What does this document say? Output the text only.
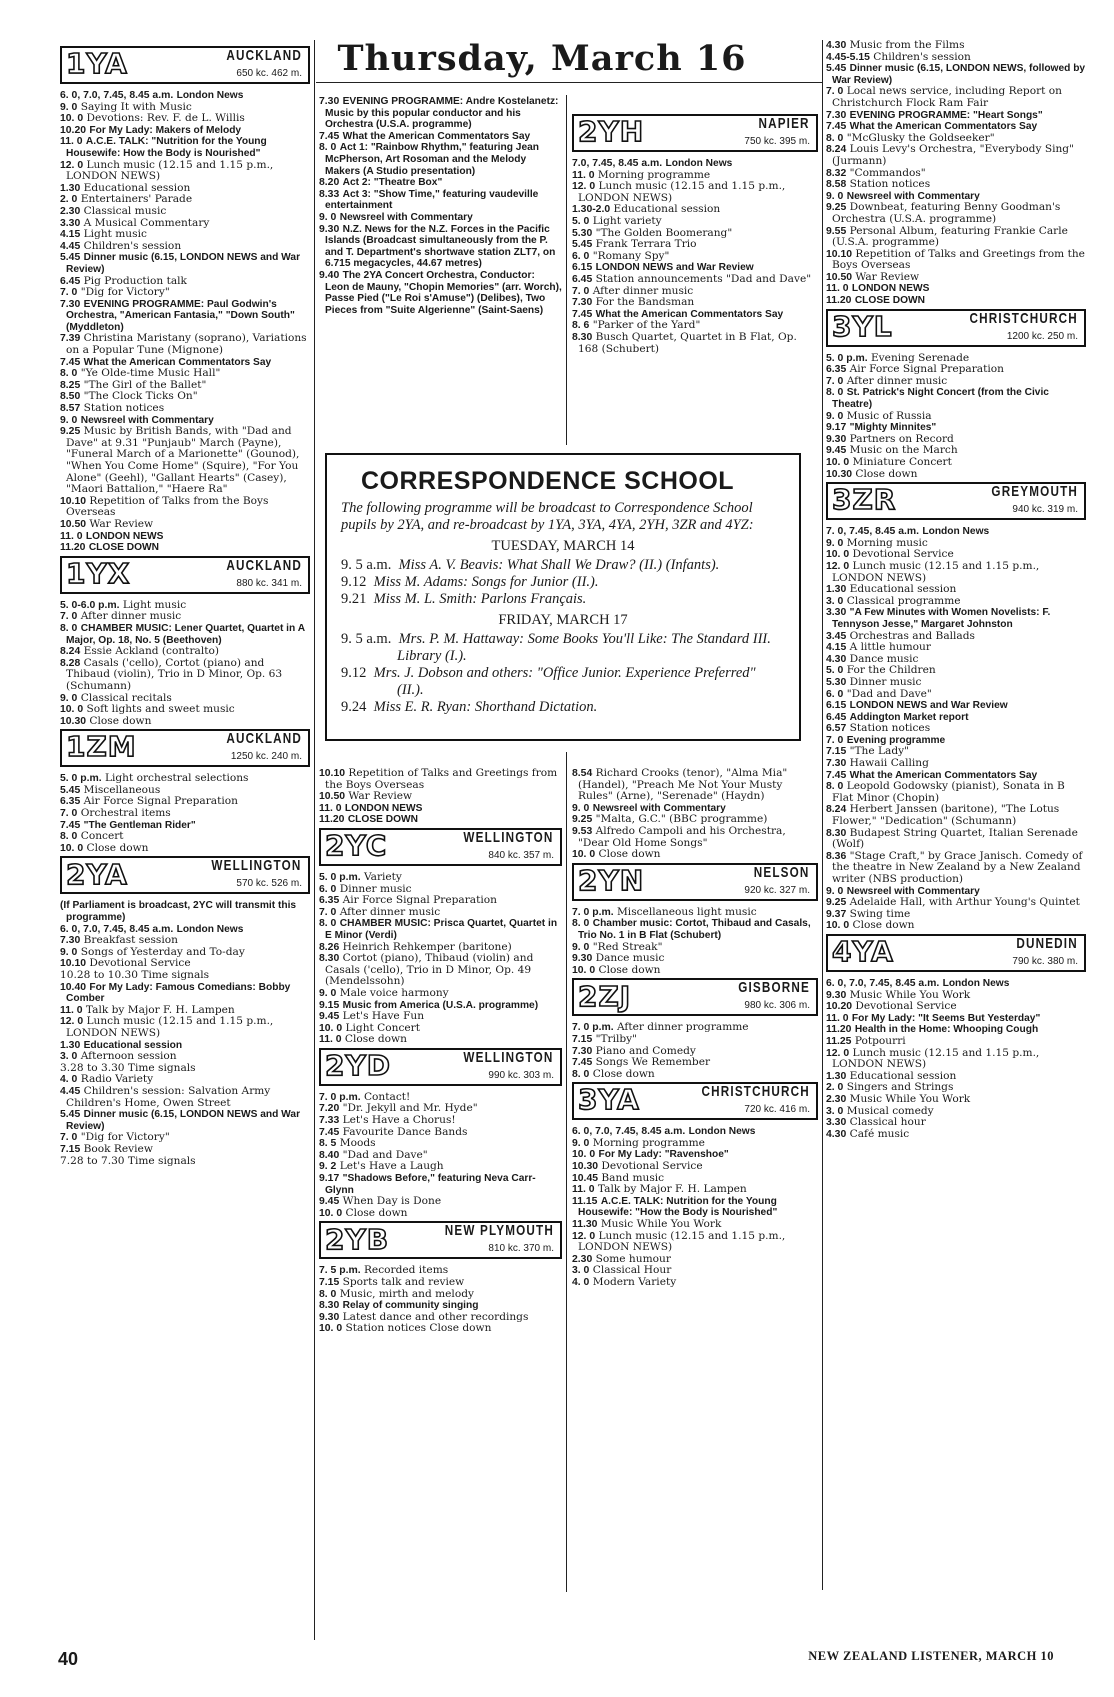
Thursday, March 16
1YA	AUCKLAND
650 kc. 462 m.
6. 0, 7.0, 7.45, 8.45 a.m. London News
9. 0 Saying It with Music
10. 0 Devotions: Rev. F. de L. Willis
10.20 For My Lady: Makers of Melody
11. 0 A.C.E. TALK: "Nutrition for the Young Housewife: How the Body is Nourished"
12. 0 Lunch music (12.15 and 1.15 p.m., LONDON NEWS)
1.30 Educational session
2. 0 Entertainers' Parade
2.30 Classical music
3.30 A Musical Commentary
4.15 Light music
4.45 Children's session
5.45 Dinner music (6.15, LONDON NEWS and War Review)
6.45 Pig Production talk
7. 0 "Dig for Victory"
7.30 EVENING PROGRAMME: Paul Godwin's Orchestra, "American Fantasia," "Down South" (Myddleton)
7.39 Christina Maristany (soprano), Variations on a Popular Tune (Mignone)
7.45 What the American Commentators Say
8. 0 "Ye Olde-time Music Hall"
8.25 "The Girl of the Ballet"
8.50 "The Clock Ticks On"
8.57 Station notices
9. 0 Newsreel with Commentary
9.25 Music by British Bands, with "Dad and Dave" at 9.31 "Punjaub" March (Payne), "Funeral March of a Marionette" (Gounod), "When You Come Home" (Squire), "For You Alone" (Geehl), "Gallant Hearts" (Casey), "Maori Battalion," "Haere Ra"
10.10 Repetition of Talks from the Boys Overseas
10.50 War Review
11. 0 LONDON NEWS
11.20 CLOSE DOWN
1YX	AUCKLAND
880 kc. 341 m.
5. 0-6.0 p.m. Light music
7. 0 After dinner music
8. 0 CHAMBER MUSIC: Lener Quartet, Quartet in A Major, Op. 18, No. 5 (Beethoven)
8.24 Essie Ackland (contralto)
8.28 Casals ('cello), Cortot (piano) and Thibaud (violin), Trio in D Minor, Op. 63 (Schumann)
9. 0 Classical recitals
10. 0 Soft lights and sweet music
10.30 Close down
1ZM	AUCKLAND
1250 kc. 240 m.
5. 0 p.m. Light orchestral selections
5.45 Miscellaneous
6.35 Air Force Signal Preparation
7. 0 Orchestral items
7.45 "The Gentleman Rider"
8. 0 Concert
10. 0 Close down
2YA	WELLINGTON
570 kc. 526 m.
(If Parliament is broadcast, 2YC will transmit this programme)
6. 0, 7.0, 7.45, 8.45 a.m. London News
7.30 Breakfast session
9. 0 Songs of Yesterday and To-day
10.10 Devotional Service
10.28 to 10.30 Time signals
10.40 For My Lady: Famous Comedians: Bobby Comber
11. 0 Talk by Major F. H. Lampen
12. 0 Lunch music (12.15 and 1.15 p.m., LONDON NEWS)
1.30 Educational session
3. 0 Afternoon session
3.28 to 3.30 Time signals
4. 0 Radio Variety
4.45 Children's session: Salvation Army Children's Home, Owen Street
5.45 Dinner music (6.15, LONDON NEWS and War Review)
7. 0 "Dig for Victory"
7.15 Book Review
7.28 to 7.30 Time signals
7.30 EVENING PROGRAMME: Andre Kostelanetz: Music by this popular conductor and his Orchestra (U.S.A. programme)
7.45 What the American Commentators Say
8. 0 Act 1: "Rainbow Rhythm," featuring Jean McPherson, Art Rosoman and the Melody Makers (A Studio presentation)
8.20 Act 2: "Theatre Box"
8.33 Act 3: "Show Time," featuring vaudeville entertainment
9. 0 Newsreel with Commentary
9.30 N.Z. News for the N.Z. Forces in the Pacific Islands (Broadcast simultaneously from the P. and T. Department's shortwave station ZLT7, on 6.715 megacycles, 44.67 metres)
9.40 The 2YA Concert Orchestra, Conductor: Leon de Mauny, "Chopin Memories" (arr. Worch), Passe Pied ("Le Roi s'Amuse") (Delibes), Two Pieces from "Suite Algerienne" (Saint-Saens)
2YH	NAPIER
750 kc. 395 m.
7.0, 7.45, 8.45 a.m. London News
11. 0 Morning programme
12. 0 Lunch music (12.15 and 1.15 p.m., LONDON NEWS)
1.30-2.0 Educational session
5. 0 Light variety
5.30 "The Golden Boomerang"
5.45 Frank Terrara Trio
6. 0 "Romany Spy"
6.15 LONDON NEWS and War Review
6.45 Station announcements "Dad and Dave"
7. 0 After dinner music
7.30 For the Bandsman
7.45 What the American Commentators Say
8. 6 "Parker of the Yard"
8.30 Busch Quartet, Quartet in B Flat, Op. 168 (Schubert)
4.30 Music from the Films
4.45-5.15 Children's session
5.45 Dinner music (6.15, LONDON NEWS, followed by War Review)
7. 0 Local news service, including Report on Christchurch Flock Ram Fair
7.30 EVENING PROGRAMME: "Heart Songs"
7.45 What the American Commentators Say
8. 0 "McGlusky the Goldseeker"
8.24 Louis Levy's Orchestra, "Everybody Sing" (Jurmann)
8.32 "Commandos"
8.58 Station notices
9. 0 Newsreel with Commentary
9.25 Downbeat, featuring Benny Goodman's Orchestra (U.S.A. programme)
9.55 Personal Album, featuring Frankie Carle (U.S.A. programme)
10.10 Repetition of Talks and Greetings from the Boys Overseas
10.50 War Review
11. 0 LONDON NEWS
11.20 CLOSE DOWN
3YL	CHRISTCHURCH
1200 kc. 250 m.
5. 0 p.m. Evening Serenade
6.35 Air Force Signal Preparation
7. 0 After dinner music
8. 0 St. Patrick's Night Concert (from the Civic Theatre)
9. 0 Music of Russia
9.17 "Mighty Minnites"
9.30 Partners on Record
9.45 Music on the March
10. 0 Miniature Concert
10.30 Close down
3ZR	GREYMOUTH
940 kc. 319 m.
7. 0, 7.45, 8.45 a.m. London News
9. 0 Morning music
10. 0 Devotional Service
12. 0 Lunch music (12.15 and 1.15 p.m., LONDON NEWS)
1.30 Educational session
3. 0 Classical programme
3.30 "A Few Minutes with Women Novelists: F. Tennyson Jesse," Margaret Johnston
3.45 Orchestras and Ballads
4.15 A little humour
4.30 Dance music
5. 0 For the Children
5.30 Dinner music
6. 0 "Dad and Dave"
6.15 LONDON NEWS and War Review
6.45 Addington Market report
6.57 Station notices
7. 0 Evening programme
7.15 "The Lady"
7.30 Hawaii Calling
7.45 What the American Commentators Say
8. 0 Leopold Godowsky (pianist), Sonata in B Flat Minor (Chopin)
8.24 Herbert Janssen (baritone), "The Lotus Flower," "Dedication" (Schumann)
8.30 Budapest String Quartet, Italian Serenade (Wolf)
8.36 "Stage Craft," by Grace Janisch. Comedy of the theatre in New Zealand by a New Zealand writer (NBS production)
9. 0 Newsreel with Commentary
9.25 Adelaide Hall, with Arthur Young's Quintet
9.37 Swing time
10. 0 Close down
4YA	DUNEDIN
790 kc. 380 m.
6. 0, 7.0, 7.45, 8.45 a.m. London News
9.30 Music While You Work
10.20 Devotional Service
11. 0 For My Lady: "It Seems But Yesterday"
11.20 Health in the Home: Whooping Cough
11.25 Potpourri
12. 0 Lunch music (12.15 and 1.15 p.m., LONDON NEWS)
1.30 Educational session
2. 0 Singers and Strings
2.30 Music While You Work
3. 0 Musical comedy
3.30 Classical hour
4.30 Café music
10.10 Repetition of Talks and Greetings from the Boys Overseas
10.50 War Review
11. 0 LONDON NEWS
11.20 CLOSE DOWN
2YC	WELLINGTON
840 kc. 357 m.
5. 0 p.m. Variety
6. 0 Dinner music
6.35 Air Force Signal Preparation
7. 0 After dinner music
8. 0 CHAMBER MUSIC: Prisca Quartet, Quartet in E Minor (Verdi)
8.26 Heinrich Rehkemper (baritone)
8.30 Cortot (piano), Thibaud (violin) and Casals ('cello), Trio in D Minor, Op. 49 (Mendelssohn)
9. 0 Male voice harmony
9.15 Music from America (U.S.A. programme)
9.45 Let's Have Fun
10. 0 Light Concert
11. 0 Close down
2YD	WELLINGTON
990 kc. 303 m.
7. 0 p.m. Contact!
7.20 "Dr. Jekyll and Mr. Hyde"
7.33 Let's Have a Chorus!
7.45 Favourite Dance Bands
8. 5 Moods
8.40 "Dad and Dave"
9. 2 Let's Have a Laugh
9.17 "Shadows Before," featuring Neva Carr-Glynn
9.45 When Day is Done
10. 0 Close down
2YB	NEW PLYMOUTH
810 kc. 370 m.
7. 5 p.m. Recorded items
7.15 Sports talk and review
8. 0 Music, mirth and melody
8.30 Relay of community singing
9.30 Latest dance and other recordings
10. 0 Station notices Close down
8.54 Richard Crooks (tenor), "Alma Mia" (Handel), "Preach Me Not Your Musty Rules" (Arne), "Serenade" (Haydn)
9. 0 Newsreel with Commentary
9.25 "Malta, G.C." (BBC programme)
9.53 Alfredo Campoli and his Orchestra, "Dear Old Home Songs"
10. 0 Close down
2YN	NELSON
920 kc. 327 m.
7. 0 p.m. Miscellaneous light music
8. 0 Chamber music: Cortot, Thibaud and Casals, Trio No. 1 in B Flat (Schubert)
9. 0 "Red Streak"
9.30 Dance music
10. 0 Close down
2ZJ	GISBORNE
980 kc. 306 m.
7. 0 p.m. After dinner programme
7.15 "Trilby"
7.30 Piano and Comedy
7.45 Songs We Remember
8. 0 Close down
3YA	CHRISTCHURCH
720 kc. 416 m.
6. 0, 7.0, 7.45, 8.45 a.m. London News
9. 0 Morning programme
10. 0 For My Lady: "Ravenshoe"
10.30 Devotional Service
10.45 Band music
11. 0 Talk by Major F. H. Lampen
11.15 A.C.E. TALK: Nutrition for the Young Housewife: "How the Body is Nourished"
11.30 Music While You Work
12. 0 Lunch music (12.15 and 1.15 p.m., LONDON NEWS)
2.30 Some humour
3. 0 Classical Hour
4. 0 Modern Variety
CORRESPONDENCE SCHOOL
The following programme will be broadcast to Correspondence School pupils by 2YA, and re-broadcast by 1YA, 3YA, 4YA, 2YH, 3ZR and 4YZ:
TUESDAY, MARCH 14
9. 5 a.m. Miss A. V. Beavis: What Shall We Draw? (II.) (Infants).
9.12 Miss M. Adams: Songs for Junior (II.).
9.21 Miss M. L. Smith: Parlons Français.
FRIDAY, MARCH 17
9. 5 a.m. Mrs. P. M. Hattaway: Some Books You'll Like: The Standard III. Library (I.).
9.12 Mrs. J. Dobson and others: "Office Junior. Experience Preferred" (II.).
9.24 Miss E. R. Ryan: Shorthand Dictation.
40	NEW ZEALAND LISTENER, MARCH 10
